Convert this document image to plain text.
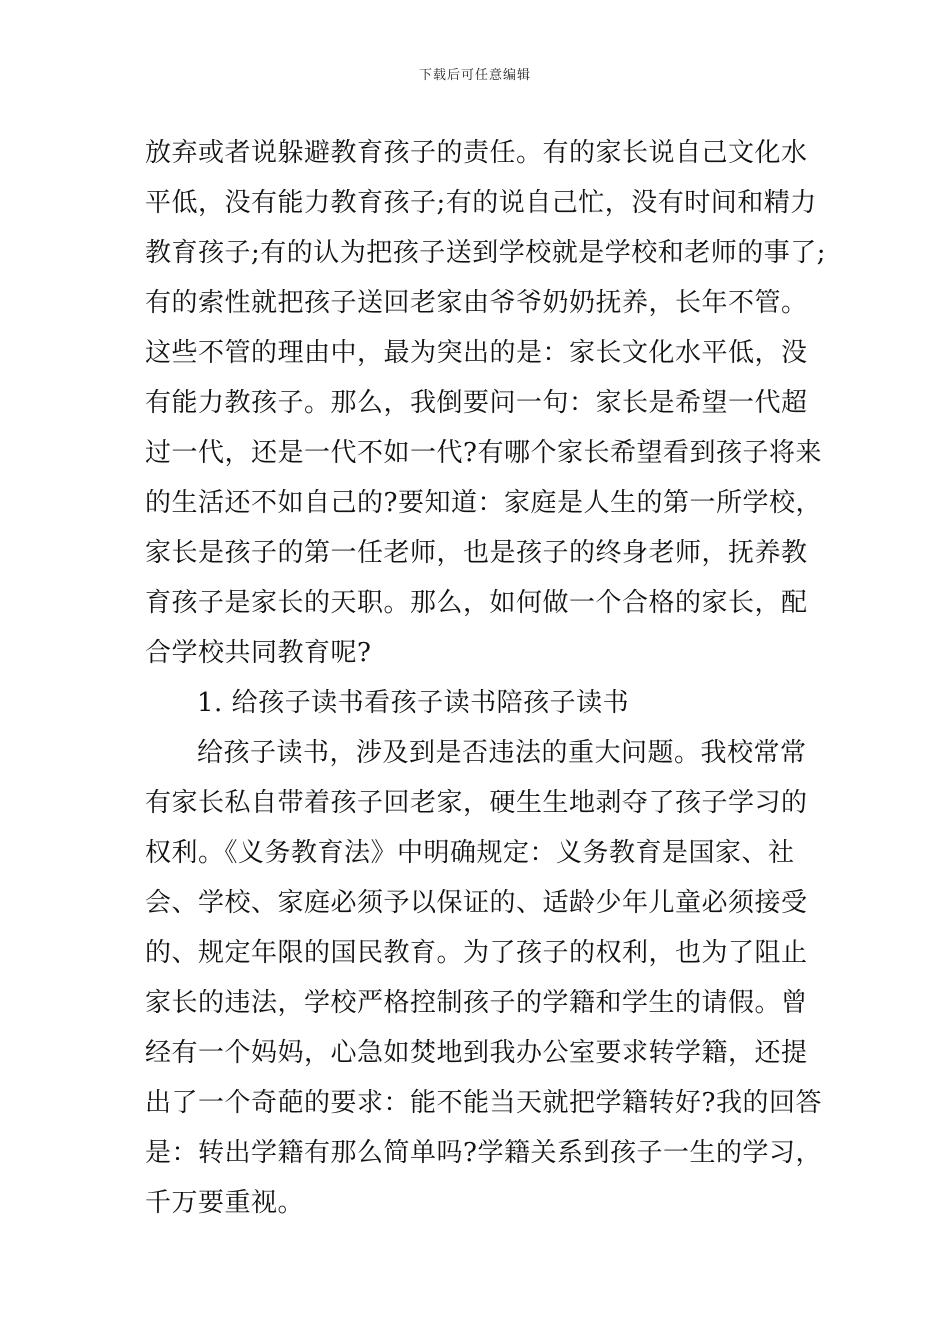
下载后可任意编辑
放弃或者说躲避教育孩子的责任。有的家长说自己文化水
平低，没有能力教育孩子;有的说自己忙，没有时间和精力
教育孩子;有的认为把孩子送到学校就是学校和老师的事了;
有的索性就把孩子送回老家由爷爷奶奶抚养，长年不管。
这些不管的理由中，最为突出的是：家长文化水平低，没
有能力教孩子。那么，我倒要问一句：家长是希望一代超
过一代，还是一代不如一代?有哪个家长希望看到孩子将来
的生活还不如自己的?要知道：家庭是人生的第一所学校，
家长是孩子的第一任老师，也是孩子的终身老师，抚养教
育孩子是家长的天职。那么，如何做一个合格的家长，配
合学校共同教育呢?
1. 给孩子读书看孩子读书陪孩子读书
给孩子读书，涉及到是否违法的重大问题。我校常常
有家长私自带着孩子回老家，硬生生地剥夺了孩子学习的
权利。《义务教育法》中明确规定：义务教育是国家、社
会、学校、家庭必须予以保证的、适龄少年儿童必须接受
的、规定年限的国民教育。为了孩子的权利，也为了阻止
家长的违法，学校严格控制孩子的学籍和学生的请假。曾
经有一个妈妈，心急如焚地到我办公室要求转学籍，还提
出了一个奇葩的要求：能不能当天就把学籍转好?我的回答
是：转出学籍有那么简单吗?学籍关系到孩子一生的学习，
千万要重视。
